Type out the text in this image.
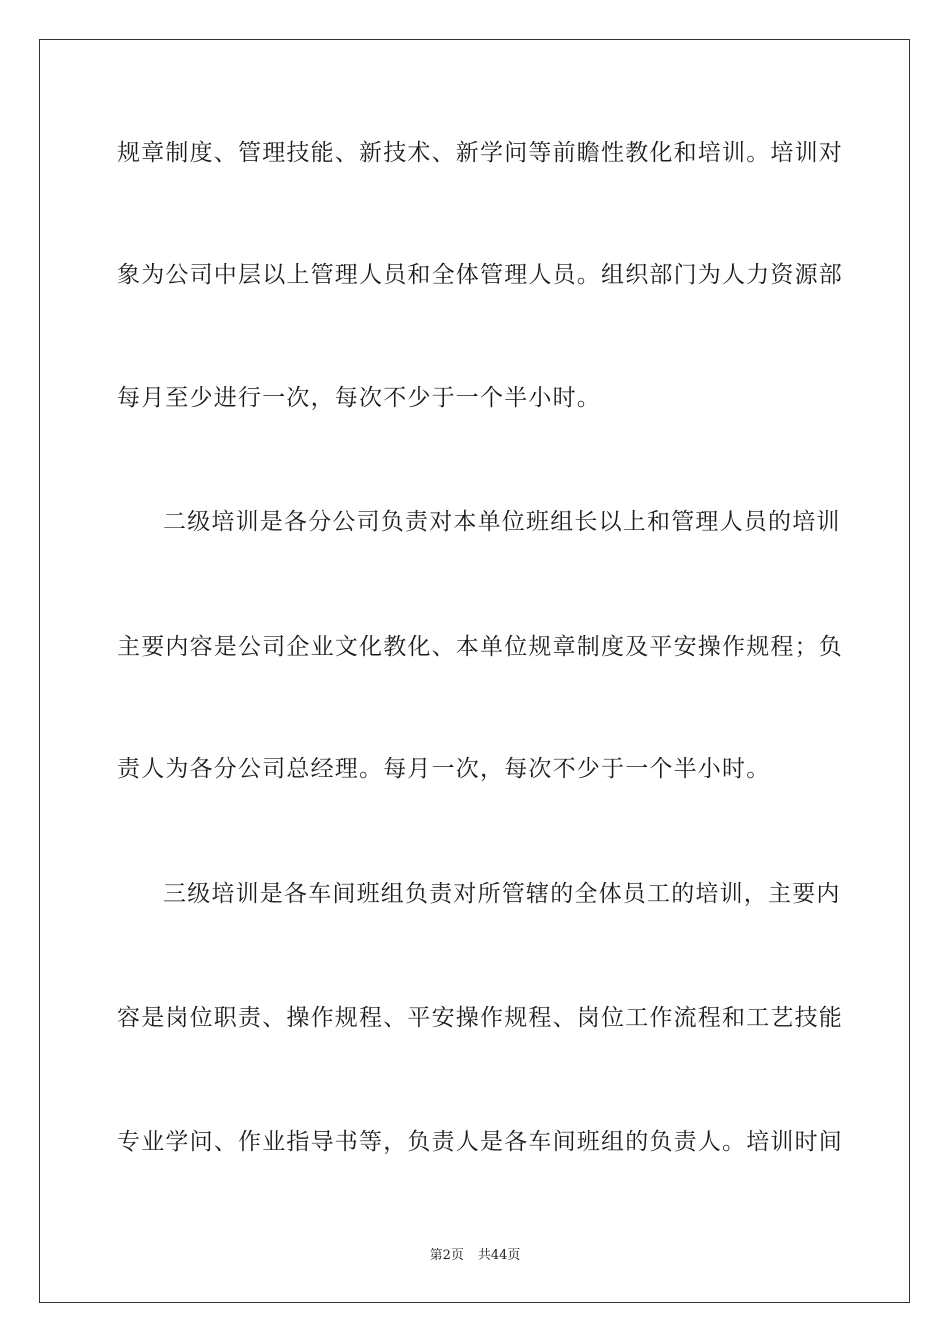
规章制度、管理技能、新技术、新学问等前瞻性教化和培训。培训对
象为公司中层以上管理人员和全体管理人员。组织部门为人力资源部
每月至少进行一次，每次不少于一个半小时。
二级培训是各分公司负责对本单位班组长以上和管理人员的培训
主要内容是公司企业文化教化、本单位规章制度及平安操作规程；负
责人为各分公司总经理。每月一次，每次不少于一个半小时。
三级培训是各车间班组负责对所管辖的全体员工的培训，主要内
容是岗位职责、操作规程、平安操作规程、岗位工作流程和工艺技能
专业学问、作业指导书等，负责人是各车间班组的负责人。培训时间
第2页 共44页
